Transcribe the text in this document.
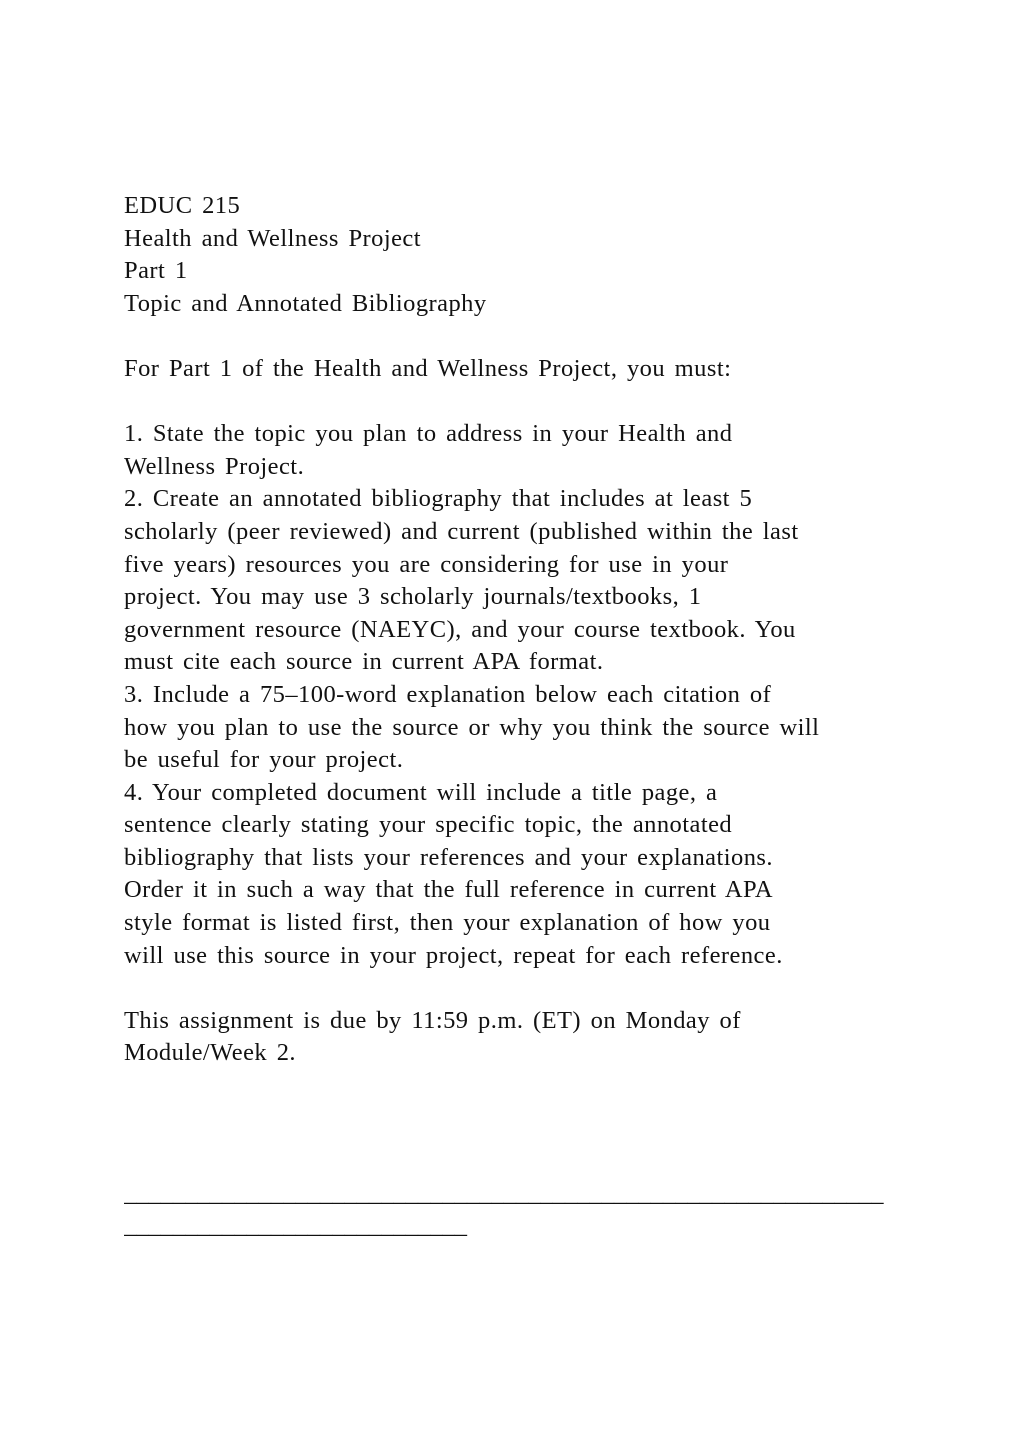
EDUC 215
Health and Wellness Project
Part 1
Topic and Annotated Bibliography
For Part 1 of the Health and Wellness Project, you must:
1. State the topic you plan to address in your Health and
Wellness Project.
2. Create an annotated bibliography that includes at least 5
scholarly (peer reviewed) and current (published within the last
five years) resources you are considering for use in your
project. You may use 3 scholarly journals/textbooks, 1
government resource (NAEYC), and your course textbook. You
must cite each source in current APA format.
3. Include a 75–100-word explanation below each citation of
how you plan to use the source or why you think the source will
be useful for your project.
4. Your completed document will include a title page, a
sentence clearly stating your specific topic, the annotated
bibliography that lists your references and your explanations.
Order it in such a way that the full reference in current APA
style format is listed first, then your explanation of how you
will use this source in your project, repeat for each reference.
This assignment is due by 11:59 p.m. (ET) on Monday of
Module/Week 2.
______________________________________________________________
____________________________
